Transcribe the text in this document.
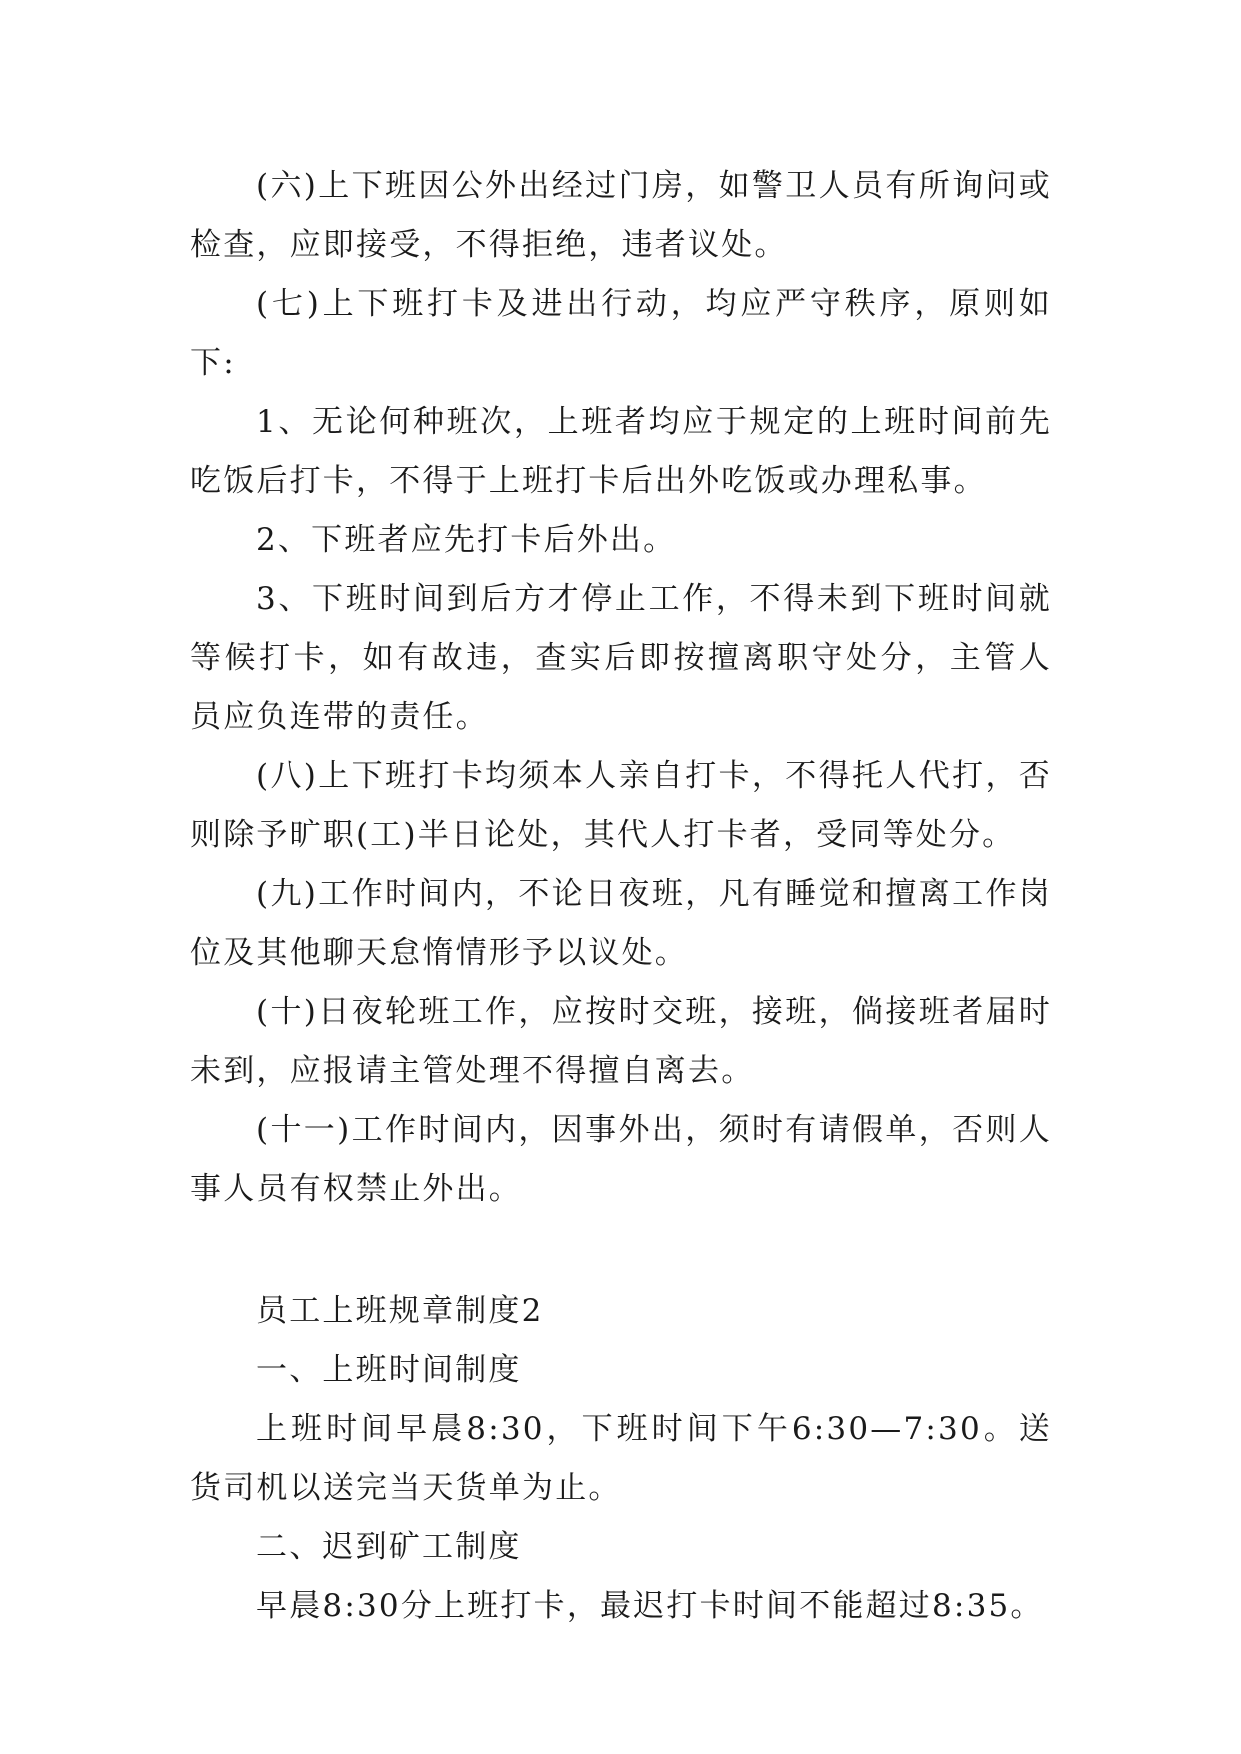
(六)上下班因公外出经过门房，如警卫人员有所询问或检查，应即接受，不得拒绝，违者议处。

(七)上下班打卡及进出行动，均应严守秩序，原则如下:

1、无论何种班次，上班者均应于规定的上班时间前先吃饭后打卡，不得于上班打卡后出外吃饭或办理私事。

2、下班者应先打卡后外出。

3、下班时间到后方才停止工作，不得未到下班时间就等候打卡，如有故违，查实后即按擅离职守处分，主管人员应负连带的责任。

(八)上下班打卡均须本人亲自打卡，不得托人代打，否则除予旷职(工)半日论处，其代人打卡者，受同等处分。

(九)工作时间内，不论日夜班，凡有睡觉和擅离工作岗位及其他聊天怠惰情形予以议处。

(十)日夜轮班工作，应按时交班，接班，倘接班者届时未到，应报请主管处理不得擅自离去。

(十一)工作时间内，因事外出，须时有请假单，否则人事人员有权禁止外出。

员工上班规章制度2

一、上班时间制度

上班时间早晨8:30，下班时间下午6:30—7:30。送货司机以送完当天货单为止。

二、迟到矿工制度

早晨8:30分上班打卡，最迟打卡时间不能超过8:35。
